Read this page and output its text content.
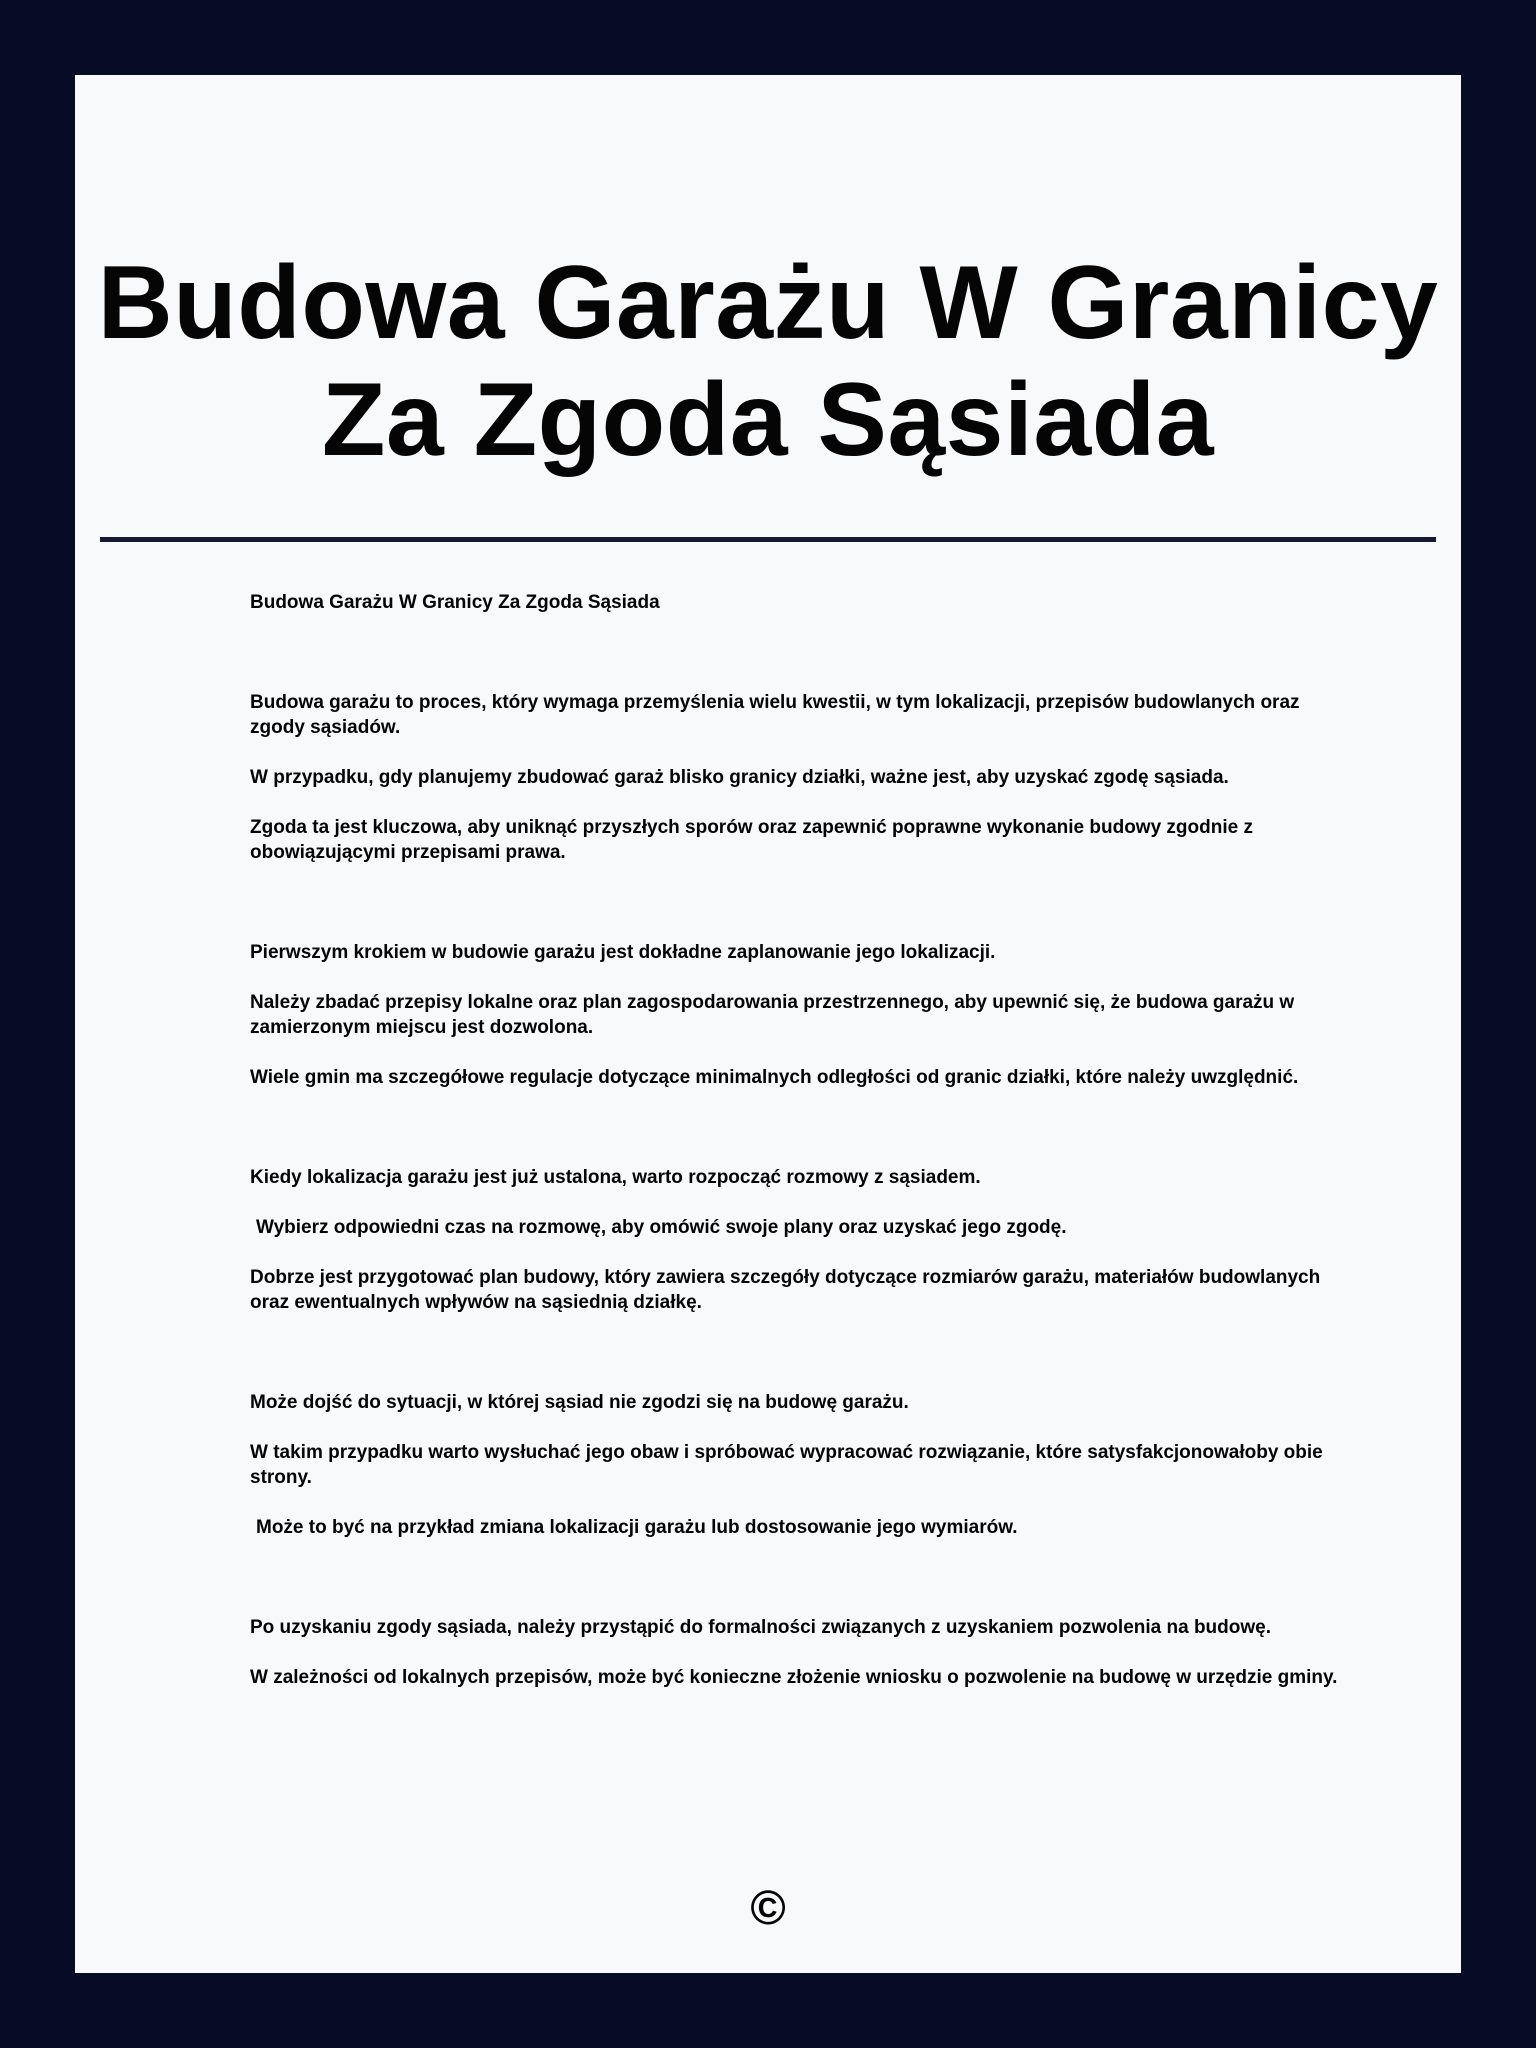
Budowa Garażu W Granicy
Za Zgoda Sąsiada

Budowa Garażu W Granicy Za Zgoda Sąsiada

Budowa garażu to proces, który wymaga przemyślenia wielu kwestii, w tym lokalizacji, przepisów budowlanych oraz zgody sąsiadów.

W przypadku, gdy planujemy zbudować garaż blisko granicy działki, ważne jest, aby uzyskać zgodę sąsiada.

Zgoda ta jest kluczowa, aby uniknąć przyszłych sporów oraz zapewnić poprawne wykonanie budowy zgodnie z obowiązującymi przepisami prawa.

Pierwszym krokiem w budowie garażu jest dokładne zaplanowanie jego lokalizacji.

Należy zbadać przepisy lokalne oraz plan zagospodarowania przestrzennego, aby upewnić się, że budowa garażu w zamierzonym miejscu jest dozwolona.

Wiele gmin ma szczegółowe regulacje dotyczące minimalnych odległości od granic działki, które należy uwzględnić.

Kiedy lokalizacja garażu jest już ustalona, warto rozpocząć rozmowy z sąsiadem.

Wybierz odpowiedni czas na rozmowę, aby omówić swoje plany oraz uzyskać jego zgodę.

Dobrze jest przygotować plan budowy, który zawiera szczegóły dotyczące rozmiarów garażu, materiałów budowlanych oraz ewentualnych wpływów na sąsiednią działkę.

Może dojść do sytuacji, w której sąsiad nie zgodzi się na budowę garażu.

W takim przypadku warto wysłuchać jego obaw i spróbować wypracować rozwiązanie, które satysfakcjonowałoby obie strony.

Może to być na przykład zmiana lokalizacji garażu lub dostosowanie jego wymiarów.

Po uzyskaniu zgody sąsiada, należy przystąpić do formalności związanych z uzyskaniem pozwolenia na budowę.

W zależności od lokalnych przepisów, może być konieczne złożenie wniosku o pozwolenie na budowę w urzędzie gminy.

©
